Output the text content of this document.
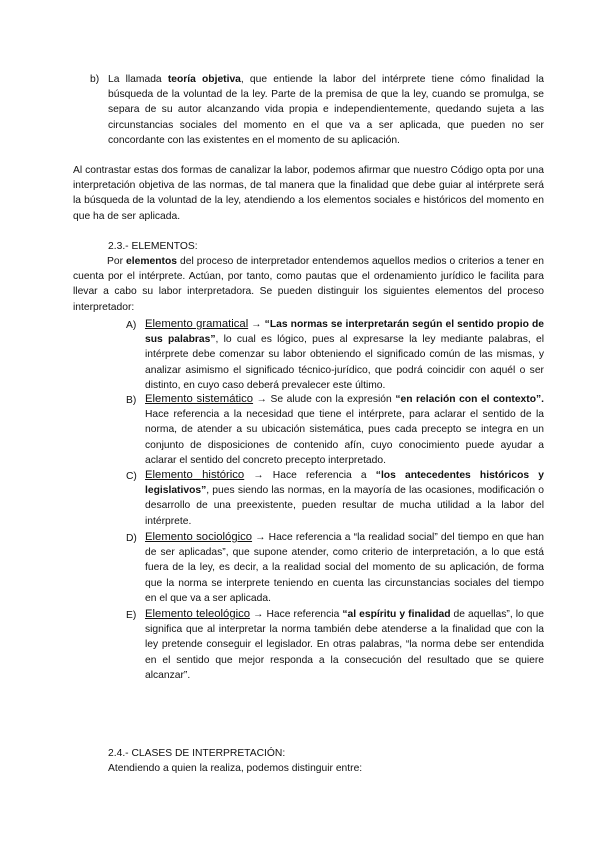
b) La llamada teoría objetiva, que entiende la labor del intérprete tiene cómo finalidad la búsqueda de la voluntad de la ley. Parte de la premisa de que la ley, cuando se promulga, se separa de su autor alcanzando vida propia e independientemente, quedando sujeta a las circunstancias sociales del momento en el que va a ser aplicada, que pueden no ser concordante con las existentes en el momento de su aplicación.

Al contrastar estas dos formas de canalizar la labor, podemos afirmar que nuestro Código opta por una interpretación objetiva de las normas, de tal manera que la finalidad que debe guiar al intérprete será la búsqueda de la voluntad de la ley, atendiendo a los elementos sociales e históricos del momento en que ha de ser aplicada.

2.3.- ELEMENTOS:

Por elementos del proceso de interpretador entendemos aquellos medios o criterios a tener en cuenta por el intérprete. Actúan, por tanto, como pautas que el ordenamiento jurídico le facilita para llevar a cabo su labor interpretadora. Se pueden distinguir los siguientes elementos del proceso interpretador:

A) Elemento gramatical → “Las normas se interpretarán según el sentido propio de sus palabras”, lo cual es lógico, pues al expresarse la ley mediante palabras, el intérprete debe comenzar su labor obteniendo el significado común de las mismas, y analizar asimismo el significado técnico-jurídico, que podrá coincidir con aquél o ser distinto, en cuyo caso deberá prevalecer este último.

B) Elemento sistemático → Se alude con la expresión “en relación con el contexto”. Hace referencia a la necesidad que tiene el intérprete, para aclarar el sentido de la norma, de atender a su ubicación sistemática, pues cada precepto se integra en un conjunto de disposiciones de contenido afín, cuyo conocimiento puede ayudar a aclarar el sentido del concreto precepto interpretado.

C) Elemento histórico → Hace referencia a “los antecedentes históricos y legislativos”, pues siendo las normas, en la mayoría de las ocasiones, modificación o desarrollo de una preexistente, pueden resultar de mucha utilidad a la labor del intérprete.

D) Elemento sociológico → Hace referencia a “la realidad social” del tiempo en que han de ser aplicadas”, que supone atender, como criterio de interpretación, a lo que está fuera de la ley, es decir, a la realidad social del momento de su aplicación, de forma que la norma se interprete teniendo en cuenta las circunstancias sociales del tiempo en el que va a ser aplicada.

E) Elemento teleológico → Hace referencia “al espíritu y finalidad de aquellas”, lo que significa que al interpretar la norma también debe atenderse a la finalidad que con la ley pretende conseguir el legislador. En otras palabras, “la norma debe ser entendida en el sentido que mejor responda a la consecución del resultado que se quiere alcanzar”.

2.4.- CLASES DE INTERPRETACIÓN:
Atendiendo a quien la realiza, podemos distinguir entre:
